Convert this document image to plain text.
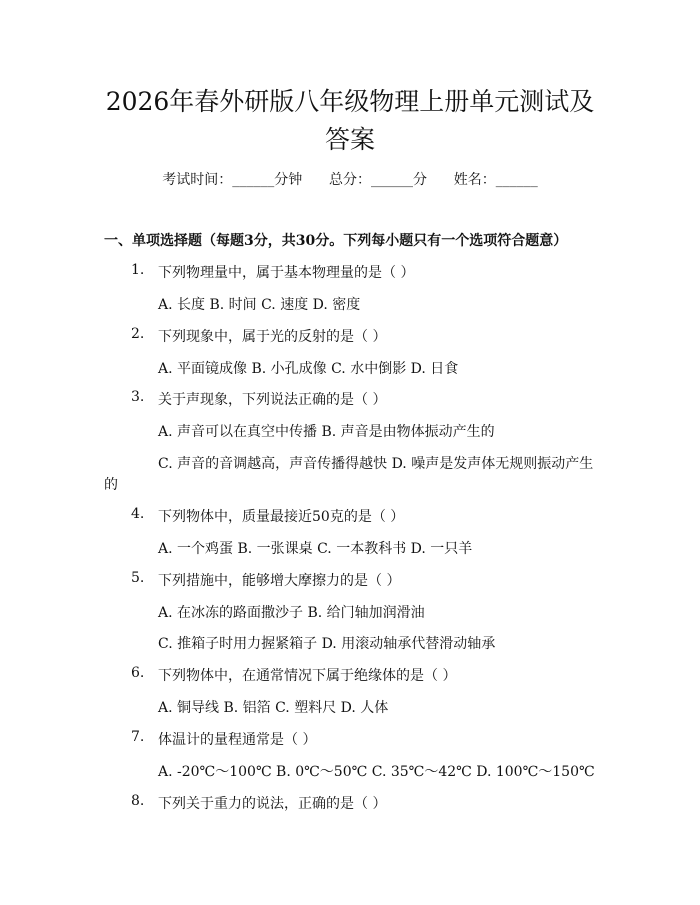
2026年春外研版八年级物理上册单元测试及
答案
考试时间：______分钟      总分：______分      姓名：______
一、单项选择题（每题3分，共30分。下列每小题只有一个选项符合题意）
1. 下列物理量中，属于基本物理量的是（ ）
A. 长度 B. 时间 C. 速度 D. 密度
2. 下列现象中，属于光的反射的是（ ）
A. 平面镜成像 B. 小孔成像 C. 水中倒影 D. 日食
3. 关于声现象，下列说法正确的是（ ）
A. 声音可以在真空中传播 B. 声音是由物体振动产生的
C. 声音的音调越高，声音传播得越快 D. 噪声是发声体无规则振动产生
的
4. 下列物体中，质量最接近50克的是（ ）
A. 一个鸡蛋 B. 一张课桌 C. 一本教科书 D. 一只羊
5. 下列措施中，能够增大摩擦力的是（ ）
A. 在冰冻的路面撒沙子 B. 给门轴加润滑油
C. 推箱子时用力握紧箱子 D. 用滚动轴承代替滑动轴承
6. 下列物体中，在通常情况下属于绝缘体的是（ ）
A. 铜导线 B. 铝箔 C. 塑料尺 D. 人体
7. 体温计的量程通常是（ ）
A. -20℃～100℃ B. 0℃～50℃ C. 35℃～42℃ D. 100℃～150℃
8. 下列关于重力的说法，正确的是（ ）
